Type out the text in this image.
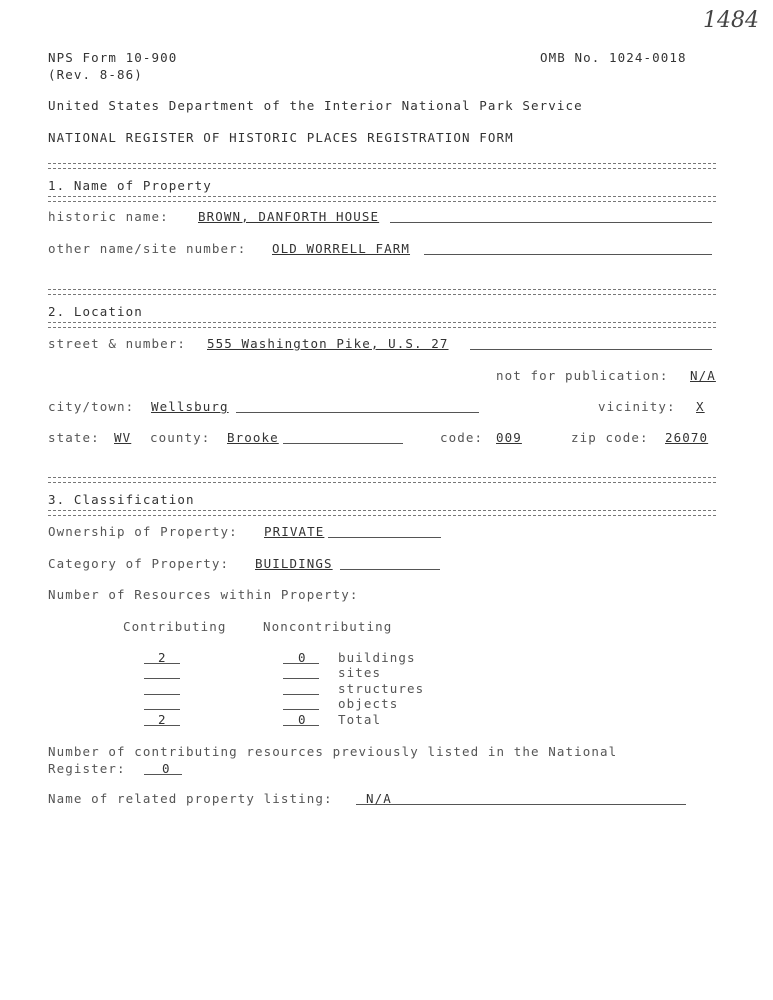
1484
NPS Form 10-900
(Rev. 8-86)
OMB No. 1024-0018
United States Department of the Interior National Park Service
NATIONAL REGISTER OF HISTORIC PLACES REGISTRATION FORM
1. Name of Property
historic name: BROWN, DANFORTH HOUSE
other name/site number: OLD WORRELL FARM
2. Location
street & number: 555 Washington Pike, U.S. 27
not for publication: N/A
city/town: Wellsburg	vicinity: X
state: WV county: Brooke	code: 009	zip code: 26070
3. Classification
Ownership of Property: PRIVATE
Category of Property: BUILDINGS
Number of Resources within Property:
Contributing	Noncontributing
2	0	buildings
sites
structures
objects
2	0	Total
Number of contributing resources previously listed in the National
Register:	0
Name of related property listing:	N/A
